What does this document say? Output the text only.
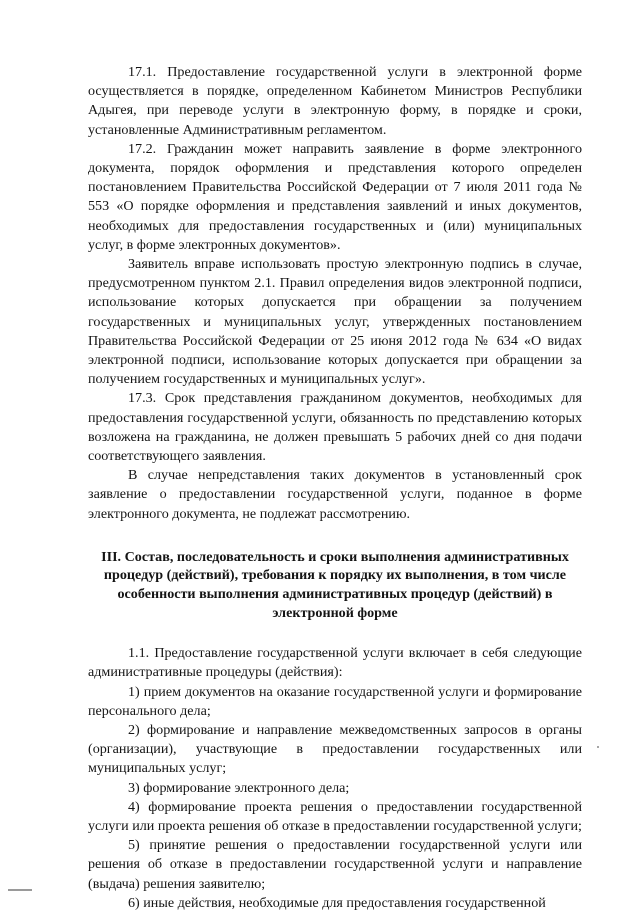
17.1. Предоставление государственной услуги в электронной форме осуществляется в порядке, определенном Кабинетом Министров Республики Адыгея, при переводе услуги в электронную форму, в порядке и сроки, установленные Административным регламентом.

17.2. Гражданин может направить заявление в форме электронного документа, порядок оформления и представления которого определен постановлением Правительства Российской Федерации от 7 июля 2011 года № 553 «О порядке оформления и представления заявлений и иных документов, необходимых для предоставления государственных и (или) муниципальных услуг, в форме электронных документов».

Заявитель вправе использовать простую электронную подпись в случае, предусмотренном пунктом 2.1. Правил определения видов электронной подписи, использование которых допускается при обращении за получением государственных и муниципальных услуг, утвержденных постановлением Правительства Российской Федерации от 25 июня 2012 года № 634 «О видах электронной подписи, использование которых допускается при обращении за получением государственных и муниципальных услуг».

17.3. Срок представления гражданином документов, необходимых для предоставления государственной услуги, обязанность по представлению которых возложена на гражданина, не должен превышать 5 рабочих дней со дня подачи соответствующего заявления.

В случае непредставления таких документов в установленный срок заявление о предоставлении государственной услуги, поданное в форме электронного документа, не подлежат рассмотрению.

III. Состав, последовательность и сроки выполнения административных процедур (действий), требования к порядку их выполнения, в том числе особенности выполнения административных процедур (действий) в электронной форме

1.1. Предоставление государственной услуги включает в себя следующие административные процедуры (действия):

1) прием документов на оказание государственной услуги и формирование персонального дела;

2) формирование и направление межведомственных запросов в органы (организации), участвующие в предоставлении государственных или муниципальных услуг;

3) формирование электронного дела;

4) формирование проекта решения о предоставлении государственной услуги или проекта решения об отказе в предоставлении государственной услуги;

5) принятие решения о предоставлении государственной услуги или решения об отказе в предоставлении государственной услуги и направление (выдача) решения заявителю;

6) иные действия, необходимые для предоставления государственной
